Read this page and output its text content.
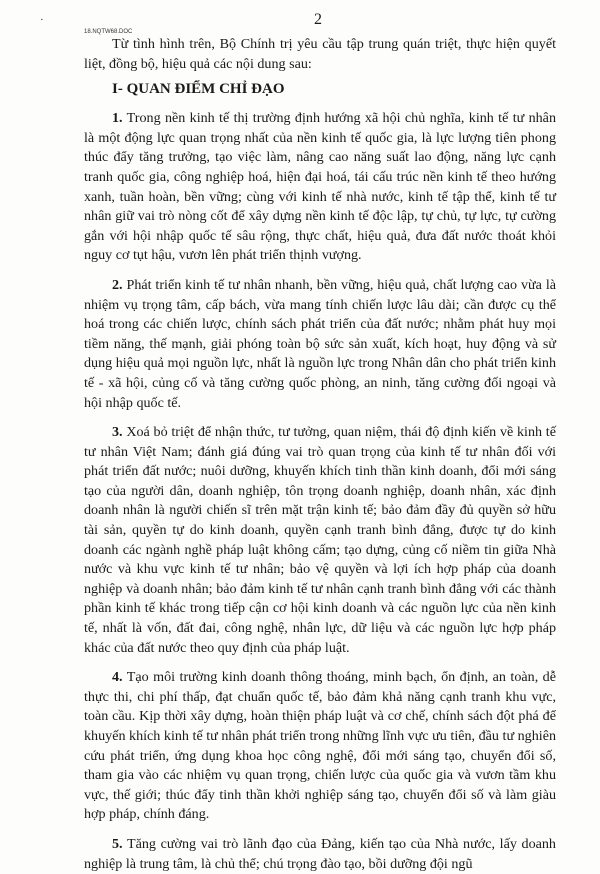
·
18.NQTW68.DOC
2

Từ tình hình trên, Bộ Chính trị yêu cầu tập trung quán triệt, thực hiện quyết liệt, đồng bộ, hiệu quả các nội dung sau:

I- QUAN ĐIỂM CHỈ ĐẠO

1. Trong nền kinh tế thị trường định hướng xã hội chủ nghĩa, kinh tế tư nhân là một động lực quan trọng nhất của nền kinh tế quốc gia, là lực lượng tiên phong thúc đẩy tăng trưởng, tạo việc làm, nâng cao năng suất lao động, năng lực cạnh tranh quốc gia, công nghiệp hoá, hiện đại hoá, tái cấu trúc nền kinh tế theo hướng xanh, tuần hoàn, bền vững; cùng với kinh tế nhà nước, kinh tế tập thể, kinh tế tư nhân giữ vai trò nòng cốt để xây dựng nền kinh tế độc lập, tự chủ, tự lực, tự cường gắn với hội nhập quốc tế sâu rộng, thực chất, hiệu quả, đưa đất nước thoát khỏi nguy cơ tụt hậu, vươn lên phát triển thịnh vượng.

2. Phát triển kinh tế tư nhân nhanh, bền vững, hiệu quả, chất lượng cao vừa là nhiệm vụ trọng tâm, cấp bách, vừa mang tính chiến lược lâu dài; cần được cụ thể hoá trong các chiến lược, chính sách phát triển của đất nước; nhằm phát huy mọi tiềm năng, thế mạnh, giải phóng toàn bộ sức sản xuất, kích hoạt, huy động và sử dụng hiệu quả mọi nguồn lực, nhất là nguồn lực trong Nhân dân cho phát triển kinh tế - xã hội, củng cố và tăng cường quốc phòng, an ninh, tăng cường đối ngoại và hội nhập quốc tế.

3. Xoá bỏ triệt để nhận thức, tư tưởng, quan niệm, thái độ định kiến về kinh tế tư nhân Việt Nam; đánh giá đúng vai trò quan trọng của kinh tế tư nhân đối với phát triển đất nước; nuôi dưỡng, khuyến khích tinh thần kinh doanh, đổi mới sáng tạo của người dân, doanh nghiệp, tôn trọng doanh nghiệp, doanh nhân, xác định doanh nhân là người chiến sĩ trên mặt trận kinh tế; bảo đảm đầy đủ quyền sở hữu tài sản, quyền tự do kinh doanh, quyền cạnh tranh bình đẳng, được tự do kinh doanh các ngành nghề pháp luật không cấm; tạo dựng, củng cố niềm tin giữa Nhà nước và khu vực kinh tế tư nhân; bảo vệ quyền và lợi ích hợp pháp của doanh nghiệp và doanh nhân; bảo đảm kinh tế tư nhân cạnh tranh bình đẳng với các thành phần kinh tế khác trong tiếp cận cơ hội kinh doanh và các nguồn lực của nền kinh tế, nhất là vốn, đất đai, công nghệ, nhân lực, dữ liệu và các nguồn lực hợp pháp khác của đất nước theo quy định của pháp luật.

4. Tạo môi trường kinh doanh thông thoáng, minh bạch, ổn định, an toàn, dễ thực thi, chi phí thấp, đạt chuẩn quốc tế, bảo đảm khả năng cạnh tranh khu vực, toàn cầu. Kịp thời xây dựng, hoàn thiện pháp luật và cơ chế, chính sách đột phá để khuyến khích kinh tế tư nhân phát triển trong những lĩnh vực ưu tiên, đầu tư nghiên cứu phát triển, ứng dụng khoa học công nghệ, đổi mới sáng tạo, chuyển đổi số, tham gia vào các nhiệm vụ quan trọng, chiến lược của quốc gia và vươn tầm khu vực, thế giới; thúc đẩy tinh thần khởi nghiệp sáng tạo, chuyển đổi số và làm giàu hợp pháp, chính đáng.

5. Tăng cường vai trò lãnh đạo của Đảng, kiến tạo của Nhà nước, lấy doanh nghiệp là trung tâm, là chủ thể; chú trọng đào tạo, bồi dưỡng đội ngũ
